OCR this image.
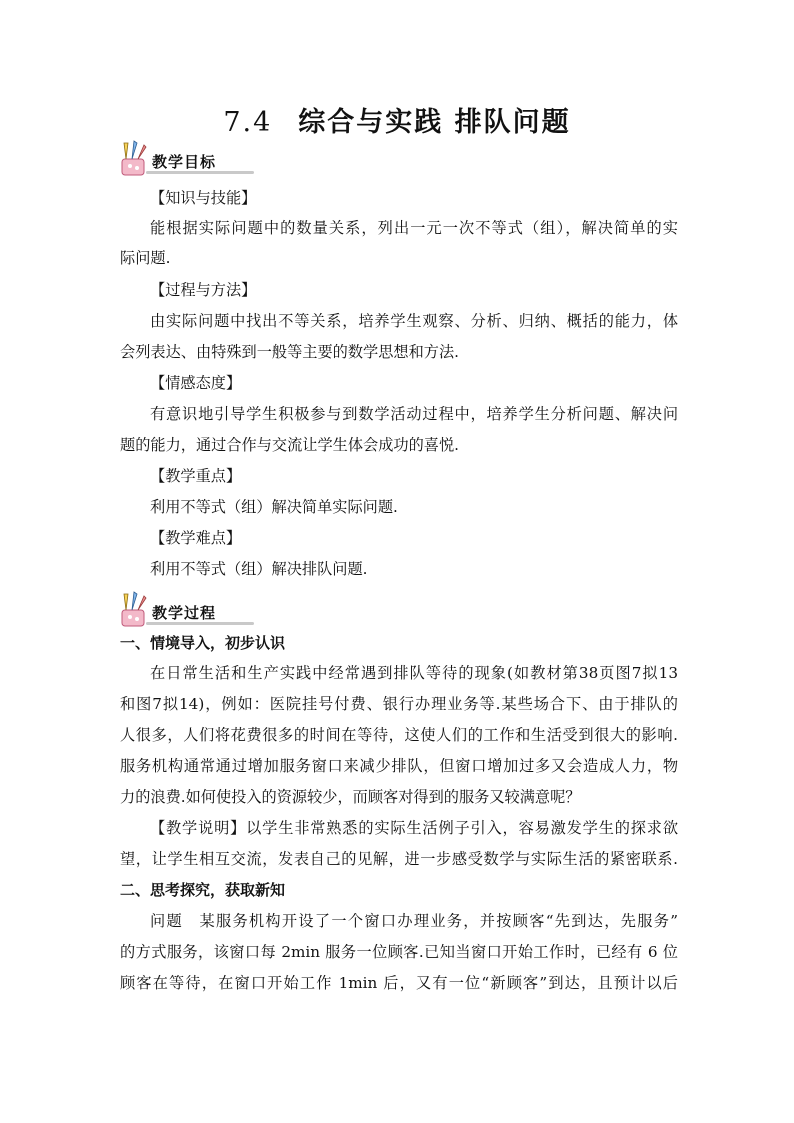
7.4 综合与实践 排队问题
教学目标
【知识与技能】
能根据实际问题中的数量关系，列出一元一次不等式（组），解决简单的实
际问题.
【过程与方法】
由实际问题中找出不等关系，培养学生观察、分析、归纳、概括的能力，体
会列表达、由特殊到一般等主要的数学思想和方法.
【情感态度】
有意识地引导学生积极参与到数学活动过程中，培养学生分析问题、解决问
题的能力，通过合作与交流让学生体会成功的喜悦.
【教学重点】
利用不等式（组）解决简单实际问题.
【教学难点】
利用不等式（组）解决排队问题.
教学过程
一、情境导入，初步认识
在日常生活和生产实践中经常遇到排队等待的现象(如教材第38页图7拟13
和图7拟14)，例如：医院挂号付费、银行办理业务等.某些场合下、由于排队的
人很多，人们将花费很多的时间在等待，这使人们的工作和生活受到很大的影响.
服务机构通常通过增加服务窗口来减少排队，但窗口增加过多又会造成人力，物
力的浪费.如何使投入的资源较少，而顾客对得到的服务又较满意呢？
【教学说明】以学生非常熟悉的实际生活例子引入，容易激发学生的探求欲
望，让学生相互交流，发表自己的见解，进一步感受数学与实际生活的紧密联系.
二、思考探究，获取新知
问题　某服务机构开设了一个窗口办理业务，并按顾客“先到达，先服务”
的方式服务，该窗口每 2min 服务一位顾客.已知当窗口开始工作时，已经有 6 位
顾客在等待，在窗口开始工作 1min 后，又有一位“新顾客”到达，且预计以后
